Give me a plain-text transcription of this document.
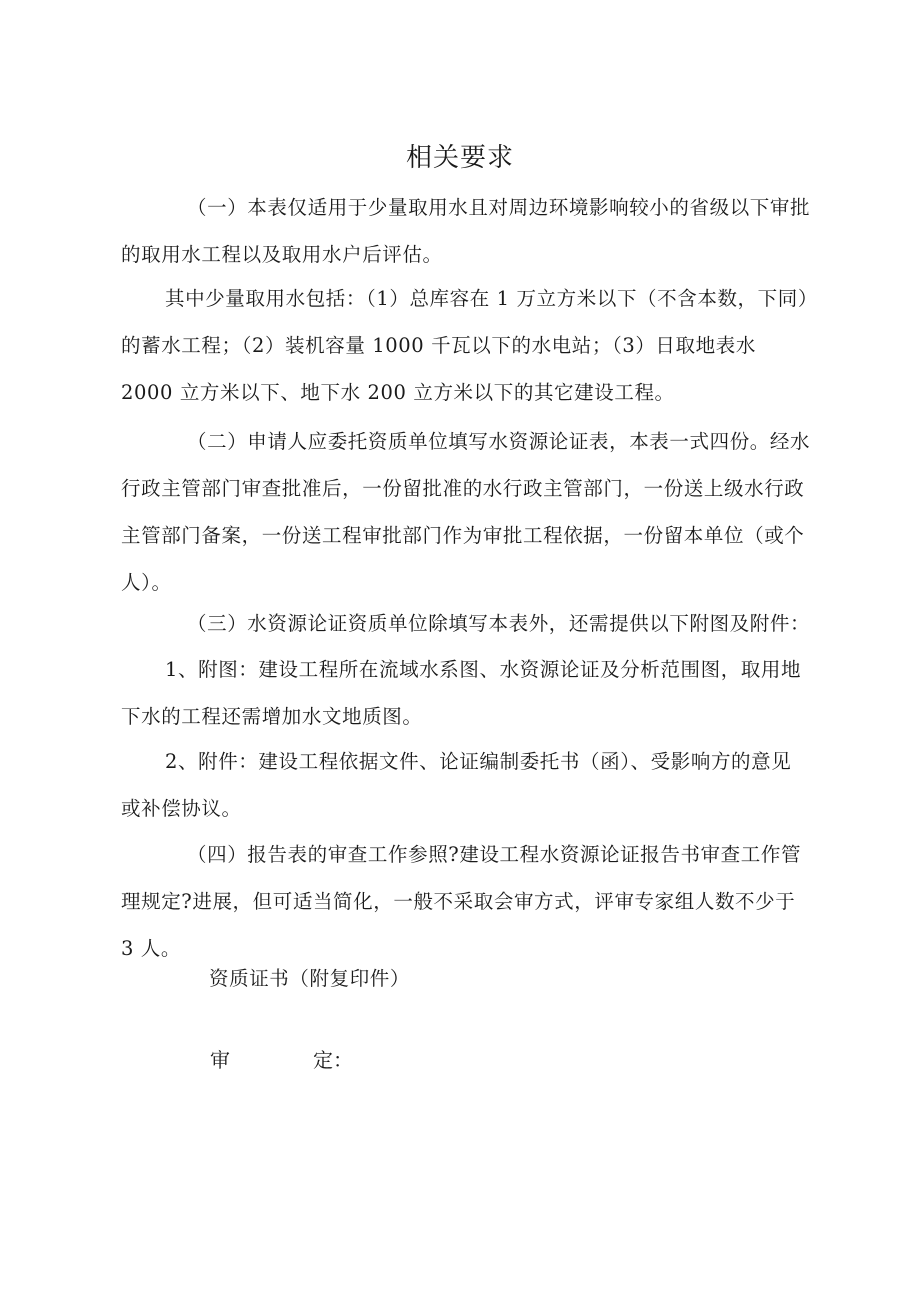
相关要求

（一）本表仅适用于少量取用水且对周边环境影响较小的省级以下审批的取用水工程以及取用水户后评估。

其中少量取用水包括：（1）总库容在 1 万立方米以下（不含本数，下同）的蓄水工程；（2）装机容量 1000 千瓦以下的水电站；（3）日取地表水 2000 立方米以下、地下水 200 立方米以下的其它建设工程。

（二）申请人应委托资质单位填写水资源论证表，本表一式四份。经水行政主管部门审查批准后，一份留批准的水行政主管部门，一份送上级水行政主管部门备案，一份送工程审批部门作为审批工程依据，一份留本单位（或个人）。

（三）水资源论证资质单位除填写本表外，还需提供以下附图及附件：

1、附图：建设工程所在流域水系图、水资源论证及分析范围图，取用地下水的工程还需增加水文地质图。

2、附件：建设工程依据文件、论证编制委托书（函）、受影响方的意见或补偿协议。

（四）报告表的审查工作参照?建设工程水资源论证报告书审查工作管理规定?进展，但可适当简化，一般不采取会审方式，评审专家组人数不少于 3 人。

资质证书（附复印件）
审	定：
